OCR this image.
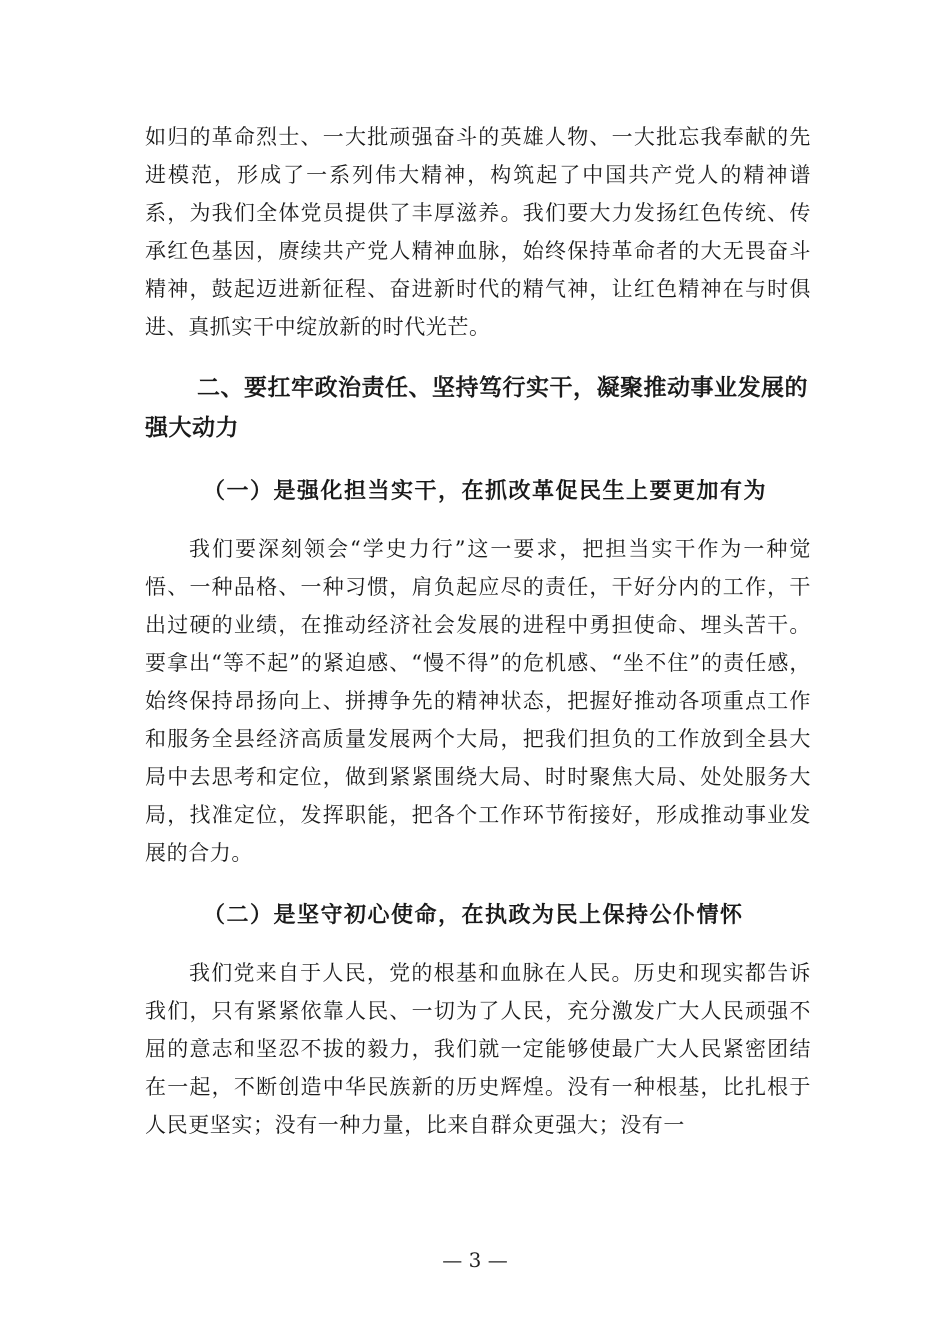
如归的革命烈士、一大批顽强奋斗的英雄人物、一大批忘我奉献的先进模范，形成了一系列伟大精神，构筑起了中国共产党人的精神谱系，为我们全体党员提供了丰厚滋养。我们要大力发扬红色传统、传承红色基因，赓续共产党人精神血脉，始终保持革命者的大无畏奋斗精神，鼓起迈进新征程、奋进新时代的精气神，让红色精神在与时俱进、真抓实干中绽放新的时代光芒。

二、要扛牢政治责任、坚持笃行实干，凝聚推动事业发展的强大动力

（一）是强化担当实干，在抓改革促民生上要更加有为

我们要深刻领会“学史力行”这一要求，把担当实干作为一种觉悟、一种品格、一种习惯，肩负起应尽的责任，干好分内的工作，干出过硬的业绩，在推动经济社会发展的进程中勇担使命、埋头苦干。要拿出“等不起”的紧迫感、“慢不得”的危机感、“坐不住”的责任感，始终保持昂扬向上、拼搏争先的精神状态，把握好推动各项重点工作和服务全县经济高质量发展两个大局，把我们担负的工作放到全县大局中去思考和定位，做到紧紧围绕大局、时时聚焦大局、处处服务大局，找准定位，发挥职能，把各个工作环节衔接好，形成推动事业发展的合力。

（二）是坚守初心使命，在执政为民上保持公仆情怀

我们党来自于人民，党的根基和血脉在人民。历史和现实都告诉我们，只有紧紧依靠人民、一切为了人民，充分激发广大人民顽强不屈的意志和坚忍不拔的毅力，我们就一定能够使最广大人民紧密团结在一起，不断创造中华民族新的历史辉煌。没有一种根基，比扎根于人民更坚实；没有一种力量，比来自群众更强大；没有一

— 3 —
